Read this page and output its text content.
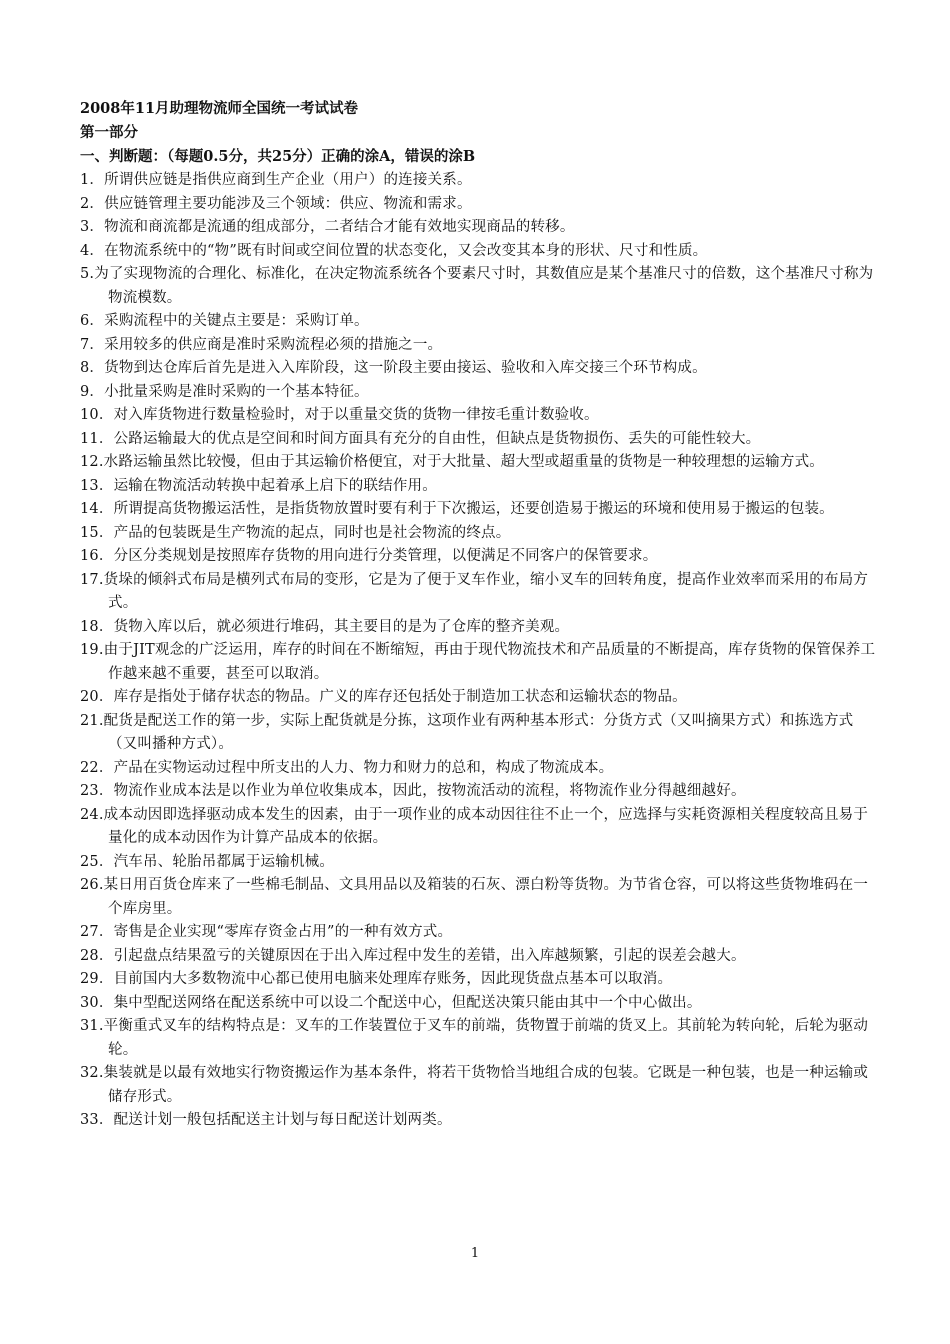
2008年11月助理物流师全国统一考试试卷
第一部分
一、判断题：（每题0.5分，共25分）正确的涂A，错误的涂B
1．所谓供应链是指供应商到生产企业（用户）的连接关系。
2．供应链管理主要功能涉及三个领域：供应、物流和需求。
3．物流和商流都是流通的组成部分，二者结合才能有效地实现商品的转移。
4．在物流系统中的“物”既有时间或空间位置的状态变化，又会改变其本身的形状、尺寸和性质。
5.为了实现物流的合理化、标准化，在决定物流系统各个要素尺寸时，其数值应是某个基准尺寸的倍数，这个基准尺寸称为物流模数。
6．采购流程中的关键点主要是：采购订单。
7．采用较多的供应商是准时采购流程必须的措施之一。
8．货物到达仓库后首先是进入入库阶段，这一阶段主要由接运、验收和入库交接三个环节构成。
9．小批量采购是准时采购的一个基本特征。
10．对入库货物进行数量检验时，对于以重量交货的货物一律按毛重计数验收。
11．公路运输最大的优点是空间和时间方面具有充分的自由性，但缺点是货物损伤、丢失的可能性较大。
12.水路运输虽然比较慢，但由于其运输价格便宜，对于大批量、超大型或超重量的货物是一种较理想的运输方式。
13．运输在物流活动转换中起着承上启下的联结作用。
14．所谓提高货物搬运活性，是指货物放置时要有利于下次搬运，还要创造易于搬运的环境和使用易于搬运的包装。
15．产品的包装既是生产物流的起点，同时也是社会物流的终点。
16．分区分类规划是按照库存货物的用向进行分类管理，以便满足不同客户的保管要求。
17.货垛的倾斜式布局是横列式布局的变形，它是为了便于叉车作业，缩小叉车的回转角度，提高作业效率而采用的布局方式。
18．货物入库以后，就必须进行堆码，其主要目的是为了仓库的整齐美观。
19.由于JIT观念的广泛运用，库存的时间在不断缩短，再由于现代物流技术和产品质量的不断提高，库存货物的保管保养工作越来越不重要，甚至可以取消。
20．库存是指处于储存状态的物品。广义的库存还包括处于制造加工状态和运输状态的物品。
21.配货是配送工作的第一步，实际上配货就是分拣，这项作业有两种基本形式：分货方式（又叫摘果方式）和拣选方式（又叫播种方式）。
22．产品在实物运动过程中所支出的人力、物力和财力的总和，构成了物流成本。
23．物流作业成本法是以作业为单位收集成本，因此，按物流活动的流程，将物流作业分得越细越好。
24.成本动因即选择驱动成本发生的因素，由于一项作业的成本动因往往不止一个，应选择与实耗资源相关程度较高且易于量化的成本动因作为计算产品成本的依据。
25．汽车吊、轮胎吊都属于运输机械。
26.某日用百货仓库来了一些棉毛制品、文具用品以及箱装的石灰、漂白粉等货物。为节省仓容，可以将这些货物堆码在一个库房里。
27．寄售是企业实现“零库存资金占用”的一种有效方式。
28．引起盘点结果盈亏的关键原因在于出入库过程中发生的差错，出入库越频繁，引起的误差会越大。
29．目前国内大多数物流中心都已使用电脑来处理库存账务，因此现货盘点基本可以取消。
30．集中型配送网络在配送系统中可以设二个配送中心，但配送决策只能由其中一个中心做出。
31.平衡重式叉车的结构特点是：叉车的工作装置位于叉车的前端，货物置于前端的货叉上。其前轮为转向轮，后轮为驱动轮。
32.集装就是以最有效地实行物资搬运作为基本条件，将若干货物恰当地组合成的包装。它既是一种包装，也是一种运输或储存形式。
33．配送计划一般包括配送主计划与每日配送计划两类。
1
